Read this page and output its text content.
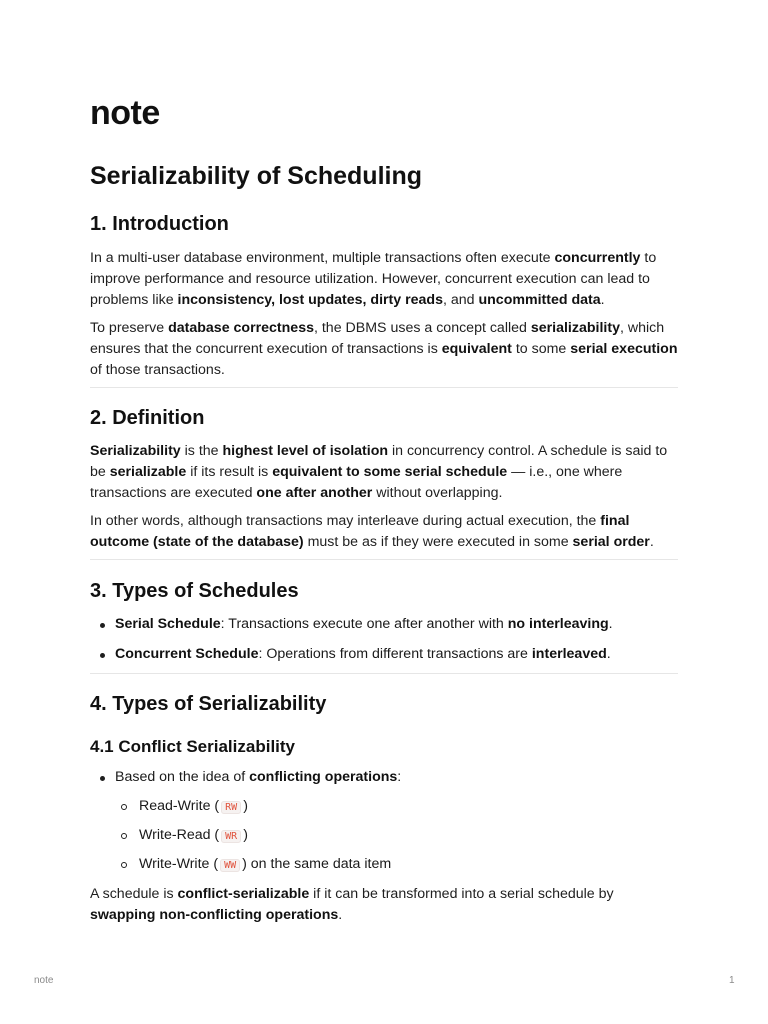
note
Serializability of Scheduling
1. Introduction
In a multi-user database environment, multiple transactions often execute concurrently to improve performance and resource utilization. However, concurrent execution can lead to problems like inconsistency, lost updates, dirty reads, and uncommitted data.
To preserve database correctness, the DBMS uses a concept called serializability, which ensures that the concurrent execution of transactions is equivalent to some serial execution of those transactions.
2. Definition
Serializability is the highest level of isolation in concurrency control. A schedule is said to be serializable if its result is equivalent to some serial schedule — i.e., one where transactions are executed one after another without overlapping.
In other words, although transactions may interleave during actual execution, the final outcome (state of the database) must be as if they were executed in some serial order.
3. Types of Schedules
Serial Schedule: Transactions execute one after another with no interleaving.
Concurrent Schedule: Operations from different transactions are interleaved.
4. Types of Serializability
4.1 Conflict Serializability
Based on the idea of conflicting operations:
Read-Write ( RW )
Write-Read ( WR )
Write-Write ( WW ) on the same data item
A schedule is conflict-serializable if it can be transformed into a serial schedule by swapping non-conflicting operations.
note	1
